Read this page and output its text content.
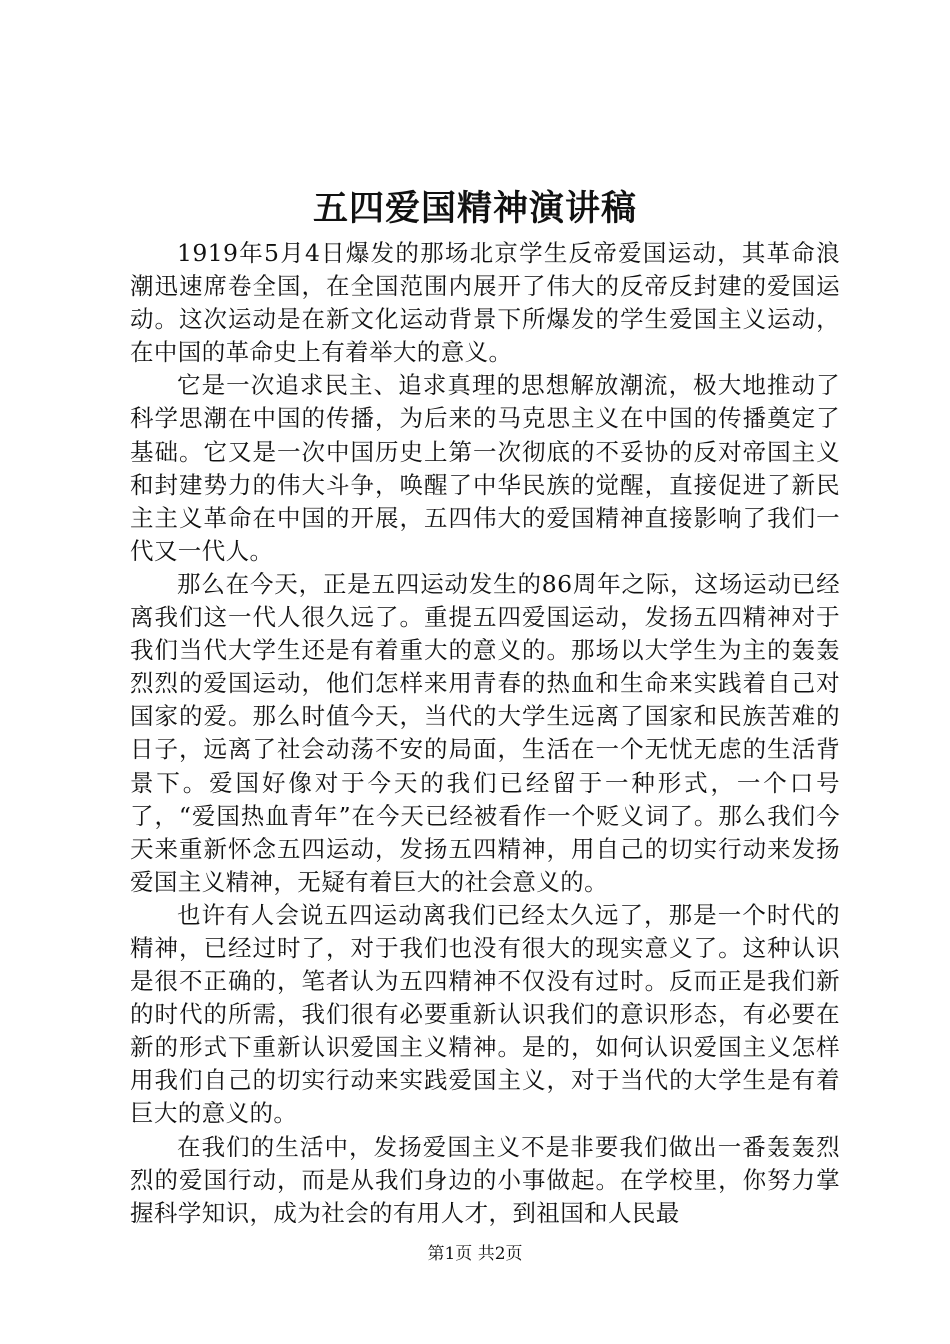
五四爱国精神演讲稿

1919年5月4日爆发的那场北京学生反帝爱国运动，其革命浪潮迅速席卷全国，在全国范围内展开了伟大的反帝反封建的爱国运动。这次运动是在新文化运动背景下所爆发的学生爱国主义运动，在中国的革命史上有着举大的意义。

它是一次追求民主、追求真理的思想解放潮流，极大地推动了科学思潮在中国的传播，为后来的马克思主义在中国的传播奠定了基础。它又是一次中国历史上第一次彻底的不妥协的反对帝国主义和封建势力的伟大斗争，唤醒了中华民族的觉醒，直接促进了新民主主义革命在中国的开展，五四伟大的爱国精神直接影响了我们一代又一代人。

那么在今天，正是五四运动发生的86周年之际，这场运动已经离我们这一代人很久远了。重提五四爱国运动，发扬五四精神对于我们当代大学生还是有着重大的意义的。那场以大学生为主的轰轰烈烈的爱国运动，他们怎样来用青春的热血和生命来实践着自己对国家的爱。那么时值今天，当代的大学生远离了国家和民族苦难的日子，远离了社会动荡不安的局面，生活在一个无忧无虑的生活背景下。爱国好像对于今天的我们已经留于一种形式，一个口号了，“爱国热血青年”在今天已经被看作一个贬义词了。那么我们今天来重新怀念五四运动，发扬五四精神，用自己的切实行动来发扬爱国主义精神，无疑有着巨大的社会意义的。

也许有人会说五四运动离我们已经太久远了，那是一个时代的精神，已经过时了，对于我们也没有很大的现实意义了。这种认识是很不正确的，笔者认为五四精神不仅没有过时。反而正是我们新的时代的所需，我们很有必要重新认识我们的意识形态，有必要在新的形式下重新认识爱国主义精神。是的，如何认识爱国主义怎样用我们自己的切实行动来实践爱国主义，对于当代的大学生是有着巨大的意义的。

在我们的生活中，发扬爱国主义不是非要我们做出一番轰轰烈烈的爱国行动，而是从我们身边的小事做起。在学校里，你努力掌握科学知识，成为社会的有用人才，到祖国和人民最

第1页 共2页
